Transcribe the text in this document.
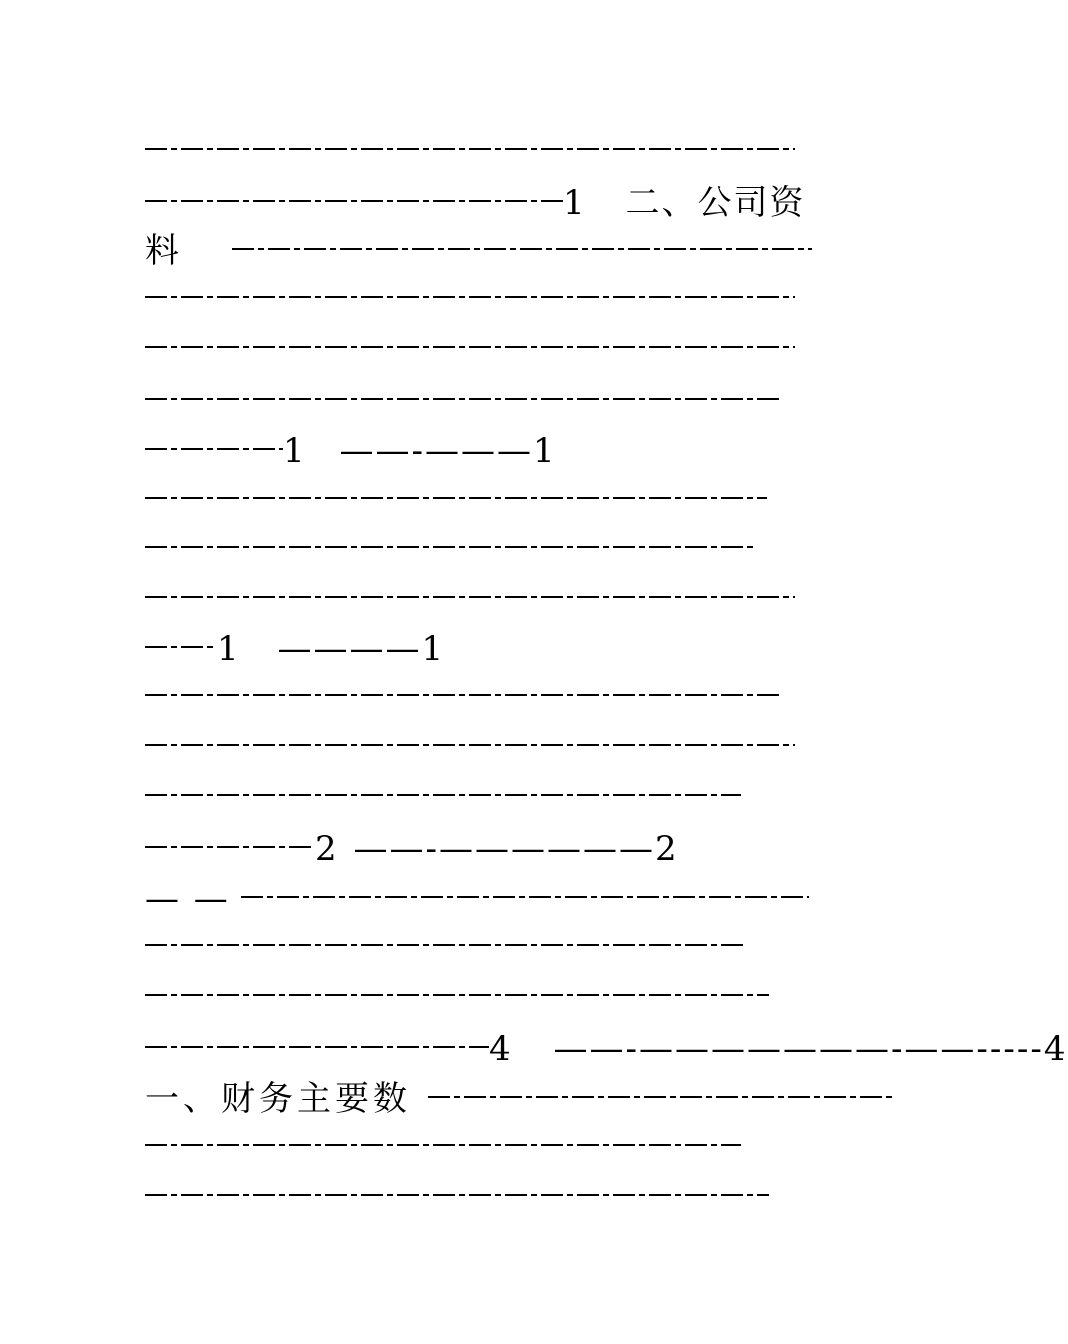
1 二、公司资
料
1 ——-———1
1 ————1
2 ——-——————2
— —
4 ——-———————-——-----4
一、财务主要数
